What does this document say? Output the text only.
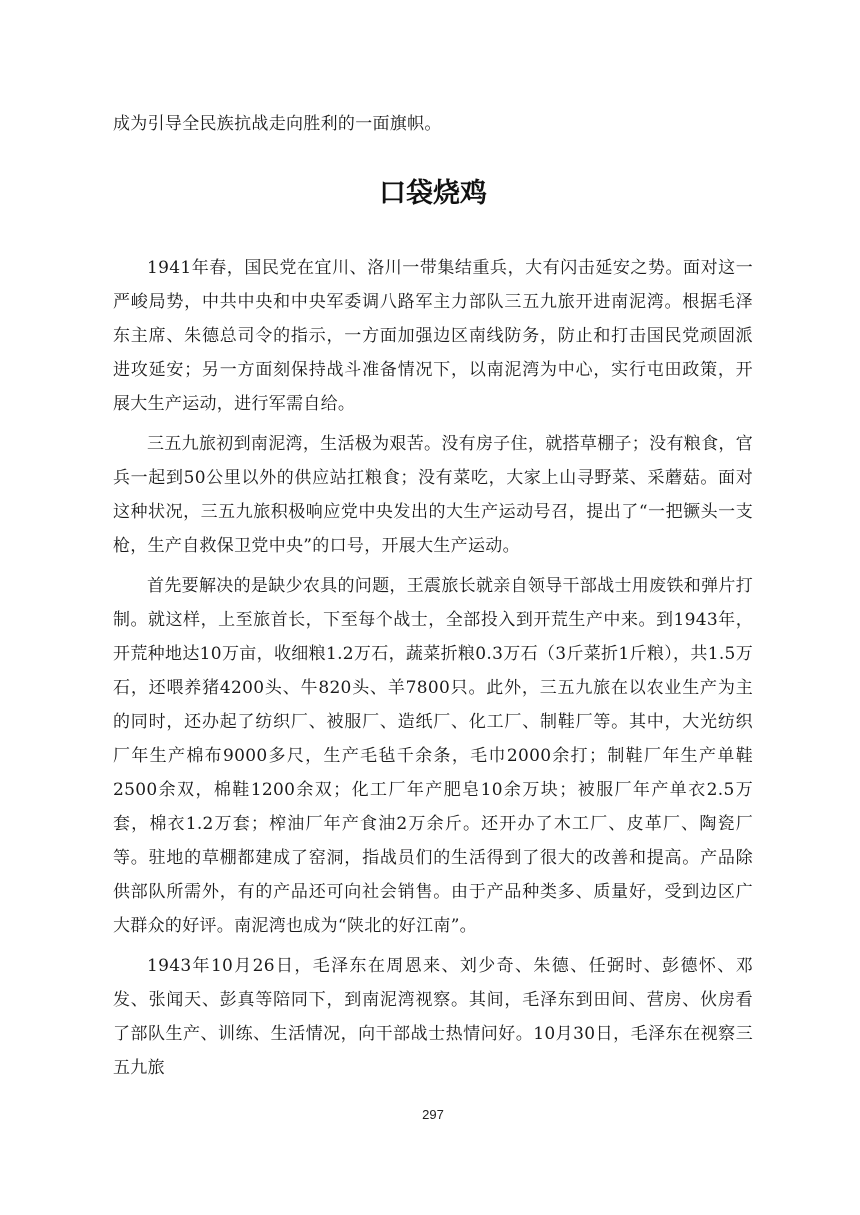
成为引导全民族抗战走向胜利的一面旗帜。

口袋烧鸡

1941年春，国民党在宜川、洛川一带集结重兵，大有闪击延安之势。面对这一严峻局势，中共中央和中央军委调八路军主力部队三五九旅开进南泥湾。根据毛泽东主席、朱德总司令的指示，一方面加强边区南线防务，防止和打击国民党顽固派进攻延安；另一方面刻保持战斗准备情况下，以南泥湾为中心，实行屯田政策，开展大生产运动，进行军需自给。

三五九旅初到南泥湾，生活极为艰苦。没有房子住，就搭草棚子；没有粮食，官兵一起到50公里以外的供应站扛粮食；没有菜吃，大家上山寻野菜、采蘑菇。面对这种状况，三五九旅积极响应党中央发出的大生产运动号召，提出了“一把镢头一支枪，生产自救保卫党中央”的口号，开展大生产运动。

首先要解决的是缺少农具的问题，王震旅长就亲自领导干部战士用废铁和弹片打制。就这样，上至旅首长，下至每个战士，全部投入到开荒生产中来。到1943年，开荒种地达10万亩，收细粮1.2万石，蔬菜折粮0.3万石（3斤菜折1斤粮），共1.5万石，还喂养猪4200头、牛820头、羊7800只。此外，三五九旅在以农业生产为主的同时，还办起了纺织厂、被服厂、造纸厂、化工厂、制鞋厂等。其中，大光纺织厂年生产棉布9000多尺，生产毛毡千余条，毛巾2000余打；制鞋厂年生产单鞋2500余双，棉鞋1200余双；化工厂年产肥皂10余万块；被服厂年产单衣2.5万套，棉衣1.2万套；榨油厂年产食油2万余斤。还开办了木工厂、皮革厂、陶瓷厂等。驻地的草棚都建成了窑洞，指战员们的生活得到了很大的改善和提高。产品除供部队所需外，有的产品还可向社会销售。由于产品种类多、质量好，受到边区广大群众的好评。南泥湾也成为“陕北的好江南”。

1943年10月26日，毛泽东在周恩来、刘少奇、朱德、任弼时、彭德怀、邓发、张闻天、彭真等陪同下，到南泥湾视察。其间，毛泽东到田间、营房、伙房看了部队生产、训练、生活情况，向干部战士热情问好。10月30日，毛泽东在视察三五九旅

297
